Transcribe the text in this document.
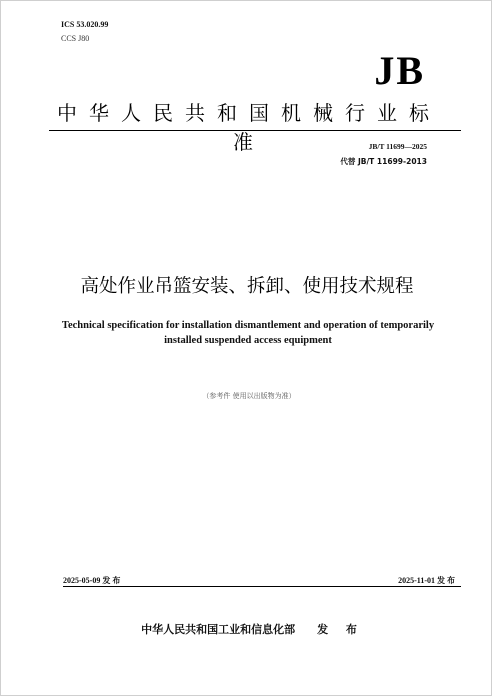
ICS 53.020.99
CCS J80
JB
中华人民共和国机械行业标准	JB/T 11699—2025
代替 JB/T 11699-2013
高处作业吊篮安装、拆卸、使用技术规程
Technical specification for installation dismantlement and operation of temporarily installed suspended access equipment
（参考件 使用以出版物为准）
2025-05-09 发 布	2025-11-01 发 布
中华人民共和国工业和信息化部 发 布
